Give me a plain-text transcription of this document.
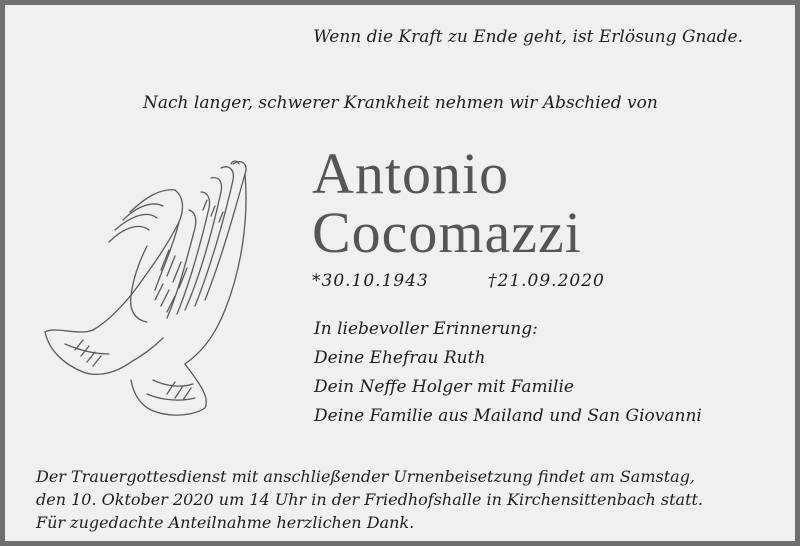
Wenn die Kraft zu Ende geht, ist Erlösung Gnade.
Nach langer, schwerer Krankheit nehmen wir Abschied von
Antonio
Cocomazzi
*30.10.1943	†21.09.2020
In liebevoller Erinnerung:
Deine Ehefrau Ruth
Dein Neffe Holger mit Familie
Deine Familie aus Mailand und San Giovanni
Der Trauergottesdienst mit anschließender Urnenbeisetzung findet am Samstag,
den 10. Oktober 2020 um 14 Uhr in der Friedhofshalle in Kirchensittenbach statt.
Für zugedachte Anteilnahme herzlichen Dank.
